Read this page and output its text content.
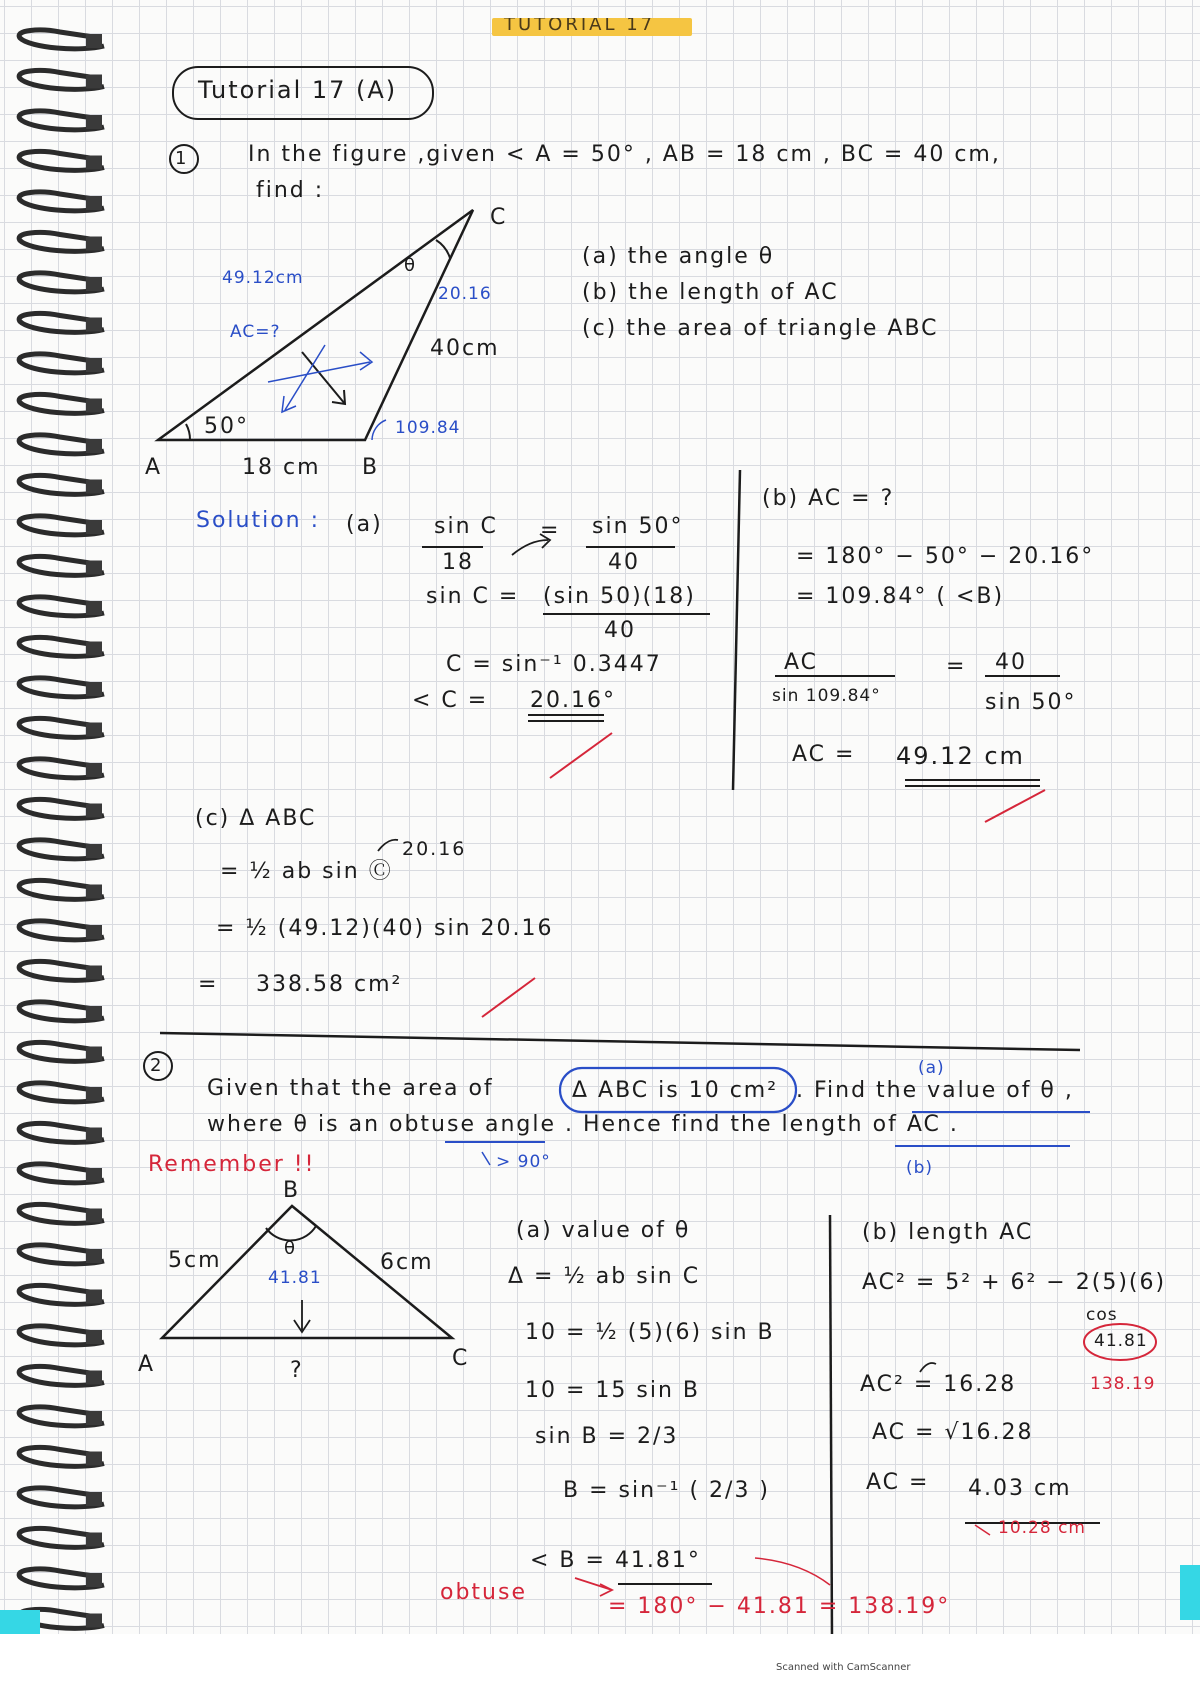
TUTORIAL 17
Tutorial 17 (A)
In the figure ,given < A = 50° , AB = 18 cm , BC = 40 cm,
1
find :
(a) the angle θ
(b) the length of AC
(c) the area of triangle ABC
A	B
C
50°
18 cm
40cm
θ
20.16
109.84
49.12cm
AC=?
Solution : (a) sin C
18
= sin 50°
40
sin C = (sin 50)(18)
40
C = sin⁻¹ 0.3447
< C = 20.16°
(b) AC = ?
= 180° − 50° − 20.16°
= 109.84° ( <B)
AC
sin 109.84°
= 40
sin 50°
AC = 49.12 cm
(c) Δ ABC
= ½ ab sin Ⓒ
20.16
= ½ (49.12)(40) sin 20.16
= 338.58 cm²
2	(a)
Given that the area of	Δ ABC is 10 cm² . Find the value of θ ,
where θ is an obtuse angle . Hence find the length of AC .
> 90°	(b)
Remember !!
A
B
C
5cm	6cm
θ
41.81
?
(a) value of θ
Δ = ½ ab sin C
10 = ½ (5)(6) sin B
10 = 15 sin B
sin B = 2/3
B = sin⁻¹ ( 2/3 )
< B = 41.81°
obtuse
= 180° − 41.81 = 138.19°
(b) length AC
AC² = 5² + 6² − 2(5)(6)
cos
41.81
AC² = 16.28	138.19
AC = √16.28
AC = 4.03 cm
10.28 cm
Scanned with CamScanner
